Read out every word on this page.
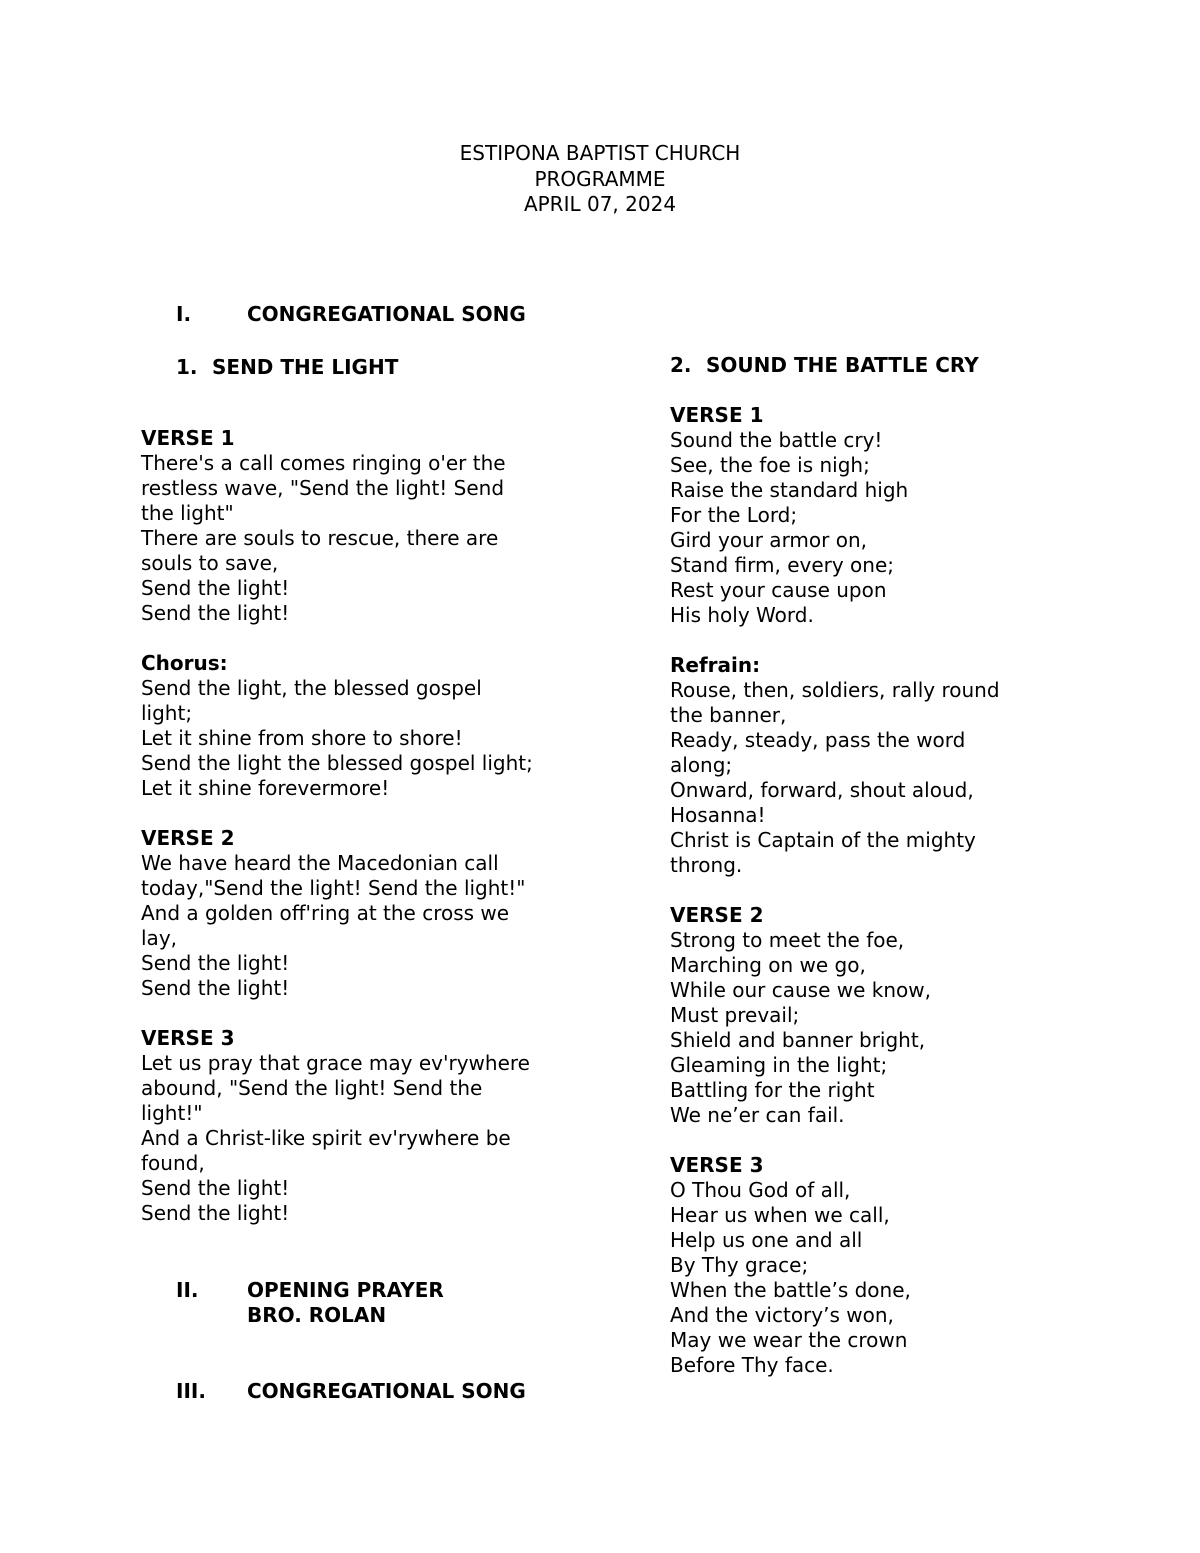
ESTIPONA BAPTIST CHURCH
PROGRAMME
APRIL 07, 2024
I.	CONGREGATIONAL SONG
1. SEND THE LIGHT	2. SOUND THE BATTLE CRY
VERSE 1
There's a call comes ringing o'er the
restless wave, "Send the light! Send
the light"
There are souls to rescue, there are
souls to save,
Send the light!
Send the light!
Chorus:
Send the light, the blessed gospel
light;
Let it shine from shore to shore!
Send the light the blessed gospel light;
Let it shine forevermore!
VERSE 2
We have heard the Macedonian call
today,"Send the light! Send the light!"
And a golden off'ring at the cross we
lay,
Send the light!
Send the light!
VERSE 3
Let us pray that grace may ev'rywhere
abound, "Send the light! Send the
light!"
And a Christ-like spirit ev'rywhere be
found,
Send the light!
Send the light!
VERSE 1
Sound the battle cry!
See, the foe is nigh;
Raise the standard high
For the Lord;
Gird your armor on,
Stand firm, every one;
Rest your cause upon
His holy Word.
Refrain:
Rouse, then, soldiers, rally round
the banner,
Ready, steady, pass the word
along;
Onward, forward, shout aloud,
Hosanna!
Christ is Captain of the mighty
throng.
VERSE 2
Strong to meet the foe,
Marching on we go,
While our cause we know,
Must prevail;
Shield and banner bright,
Gleaming in the light;
Battling for the right
We ne’er can fail.
VERSE 3
O Thou God of all,
Hear us when we call,
Help us one and all
By Thy grace;
When the battle’s done,
And the victory’s won,
May we wear the crown
Before Thy face.
II. OPENING PRAYER
BRO. ROLAN
III. CONGREGATIONAL SONG
